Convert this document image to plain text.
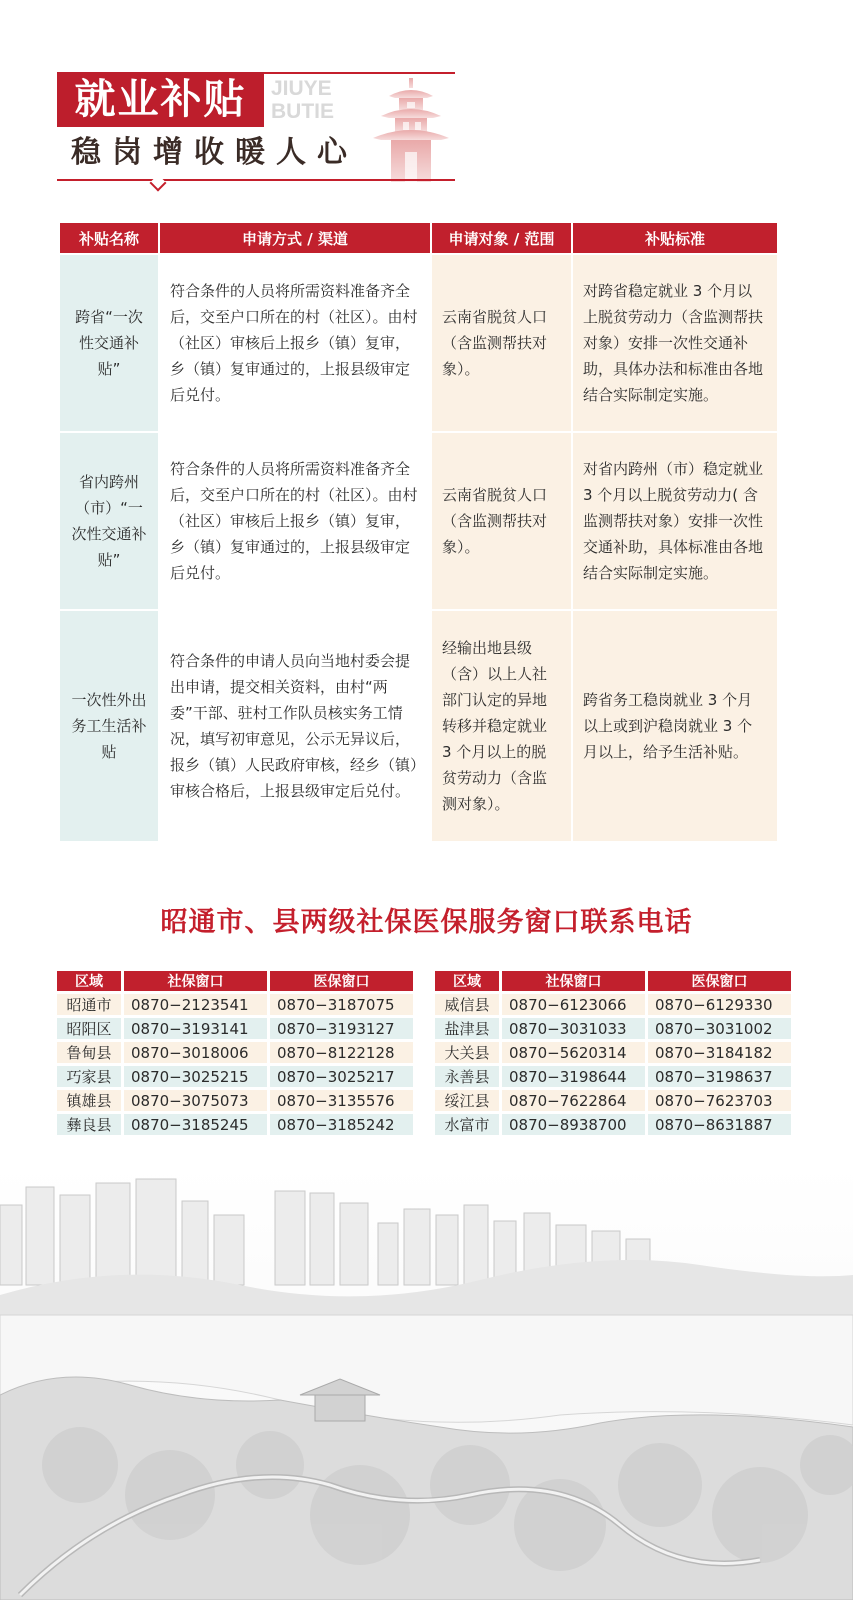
就业补贴	JIUYE
BUTIE
稳岗增收暖人心
补贴名称	申请方式 / 渠道	申请对象 / 范围	补贴标准
跨省“一次性交通补贴”	符合条件的人员将所需资料准备齐全后，交至户口所在的村（社区）。由村（社区）审核后上报乡（镇）复审，乡（镇）复审通过的，上报县级审定后兑付。	云南省脱贫人口（含监测帮扶对象）。	对跨省稳定就业 3 个月以上脱贫劳动力（含监测帮扶对象）安排一次性交通补助，具体办法和标准由各地结合实际制定实施。
省内跨州（市）“一次性交通补贴”	符合条件的人员将所需资料准备齐全后，交至户口所在的村（社区）。由村（社区）审核后上报乡（镇）复审，乡（镇）复审通过的，上报县级审定后兑付。	云南省脱贫人口（含监测帮扶对象）。	对省内跨州（市）稳定就业 3 个月以上脱贫劳动力( 含监测帮扶对象）安排一次性交通补助，具体标准由各地结合实际制定实施。
一次性外出务工生活补贴	符合条件的申请人员向当地村委会提出申请，提交相关资料，由村“两委”干部、驻村工作队员核实务工情况，填写初审意见，公示无异议后，报乡（镇）人民政府审核，经乡（镇）审核合格后，上报县级审定后兑付。	经输出地县级（含）以上人社部门认定的异地转移并稳定就业 3 个月以上的脱贫劳动力（含监测对象）。	跨省务工稳岗就业 3 个月以上或到沪稳岗就业 3 个月以上，给予生活补贴。
昭通市、县两级社保医保服务窗口联系电话
区域	社保窗口	医保窗口
昭通市	0870−2123541	0870−3187075
昭阳区	0870−3193141	0870−3193127
鲁甸县	0870−3018006	0870−8122128
巧家县	0870−3025215	0870−3025217
镇雄县	0870−3075073	0870−3135576
彝良县	0870−3185245	0870−3185242
区域	社保窗口	医保窗口
威信县	0870−6123066	0870−6129330
盐津县	0870−3031033	0870−3031002
大关县	0870−5620314	0870−3184182
永善县	0870−3198644	0870−3198637
绥江县	0870−7622864	0870−7623703
水富市	0870−8938700	0870−8631887
